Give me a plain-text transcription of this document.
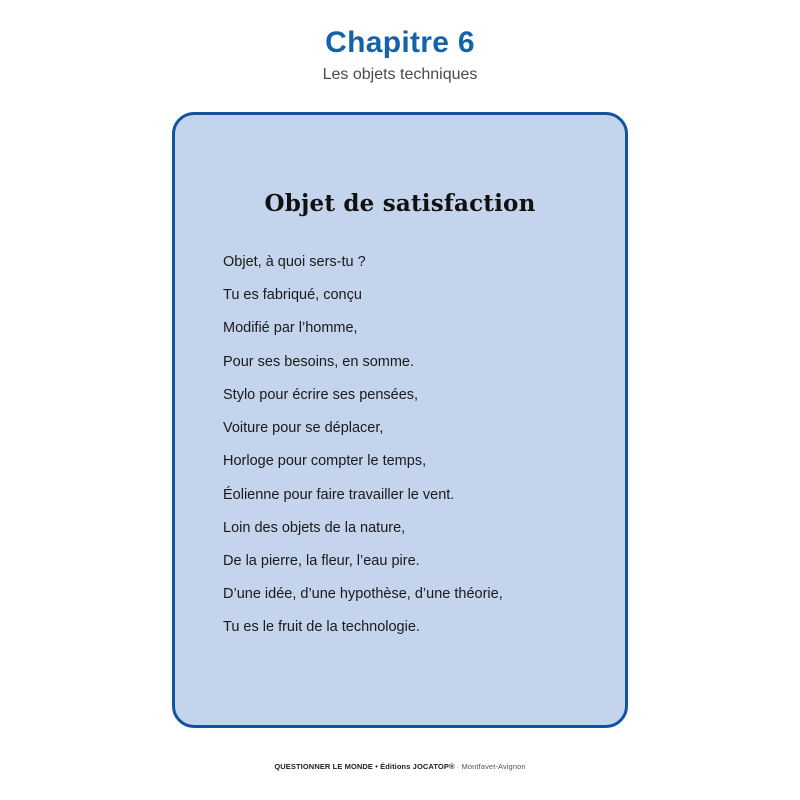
Chapitre 6
Les objets techniques
Objet de satisfaction
Objet, à quoi sers-tu ?
Tu es fabriqué, conçu
Modifié par l’homme,
Pour ses besoins, en somme.
Stylo pour écrire ses pensées,
Voiture pour se déplacer,
Horloge pour compter le temps,
Éolienne pour faire travailler le vent.
Loin des objets de la nature,
De la pierre, la fleur, l’eau pire.
D’une idée, d’une hypothèse, d’une théorie,
Tu es le fruit de la technologie.
QUESTIONNER LE MONDE • Éditions JOCATOP® · Montfavet-Avignon
